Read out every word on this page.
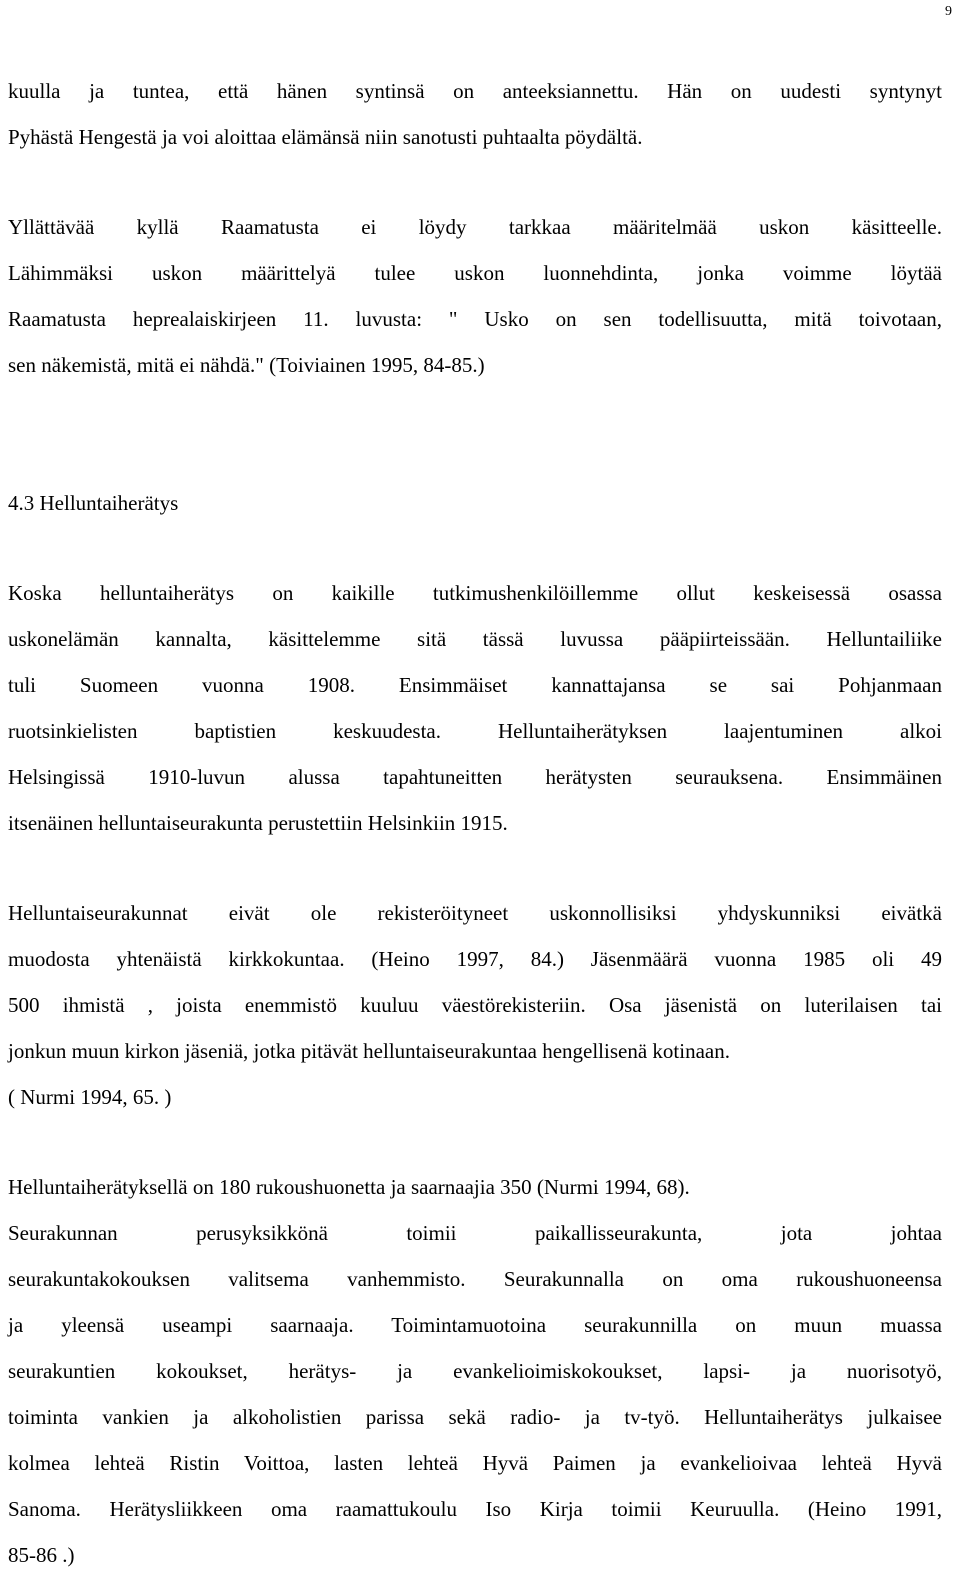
9
kuulla ja tuntea, että hänen syntinsä on anteeksiannettu. Hän on uudesti syntynyt
Pyhästä Hengestä ja voi aloittaa elämänsä niin sanotusti puhtaalta pöydältä.
Yllättävää kyllä Raamatusta ei löydy tarkkaa määritelmää uskon käsitteelle.
Lähimmäksi uskon määrittelyä tulee uskon luonnehdinta, jonka voimme löytää
Raamatusta heprealaiskirjeen 11. luvusta: " Usko on sen todellisuutta, mitä toivotaan,
sen näkemistä, mitä ei nähdä." (Toiviainen 1995, 84-85.)
4.3 Helluntaiherätys
Koska helluntaiherätys on kaikille tutkimushenkilöillemme ollut keskeisessä osassa
uskonelämän kannalta, käsittelemme sitä tässä luvussa pääpiirteissään. Helluntailiike
tuli Suomeen vuonna 1908. Ensimmäiset kannattajansa se sai Pohjanmaan
ruotsinkielisten baptistien keskuudesta. Helluntaiherätyksen laajentuminen alkoi
Helsingissä 1910-luvun alussa tapahtuneitten herätysten seurauksena. Ensimmäinen
itsenäinen helluntaiseurakunta perustettiin Helsinkiin 1915.
Helluntaiseurakunnat eivät ole rekisteröityneet uskonnollisiksi yhdyskunniksi eivätkä
muodosta yhtenäistä kirkkokuntaa. (Heino 1997, 84.) Jäsenmäärä vuonna 1985 oli 49
500 ihmistä , joista enemmistö kuuluu väestörekisteriin. Osa jäsenistä on luterilaisen tai
jonkun muun kirkon jäseniä, jotka pitävät helluntaiseurakuntaa hengellisenä kotinaan.
( Nurmi 1994, 65. )
Helluntaiherätyksellä on 180 rukoushuonetta ja saarnaajia 350 (Nurmi 1994, 68).
Seurakunnan perusyksikkönä toimii paikallisseurakunta, jota johtaa
seurakuntakokouksen valitsema vanhemmisto. Seurakunnalla on oma rukoushuoneensa
ja yleensä useampi saarnaaja. Toimintamuotoina seurakunnilla on muun muassa
seurakuntien kokoukset, herätys- ja evankelioimiskokoukset, lapsi- ja nuorisotyö,
toiminta vankien ja alkoholistien parissa sekä radio- ja tv-työ. Helluntaiherätys julkaisee
kolmea lehteä Ristin Voittoa, lasten lehteä Hyvä Paimen ja evankelioivaa lehteä Hyvä
Sanoma. Herätysliikkeen oma raamattukoulu Iso Kirja toimii Keuruulla. (Heino 1991,
85-86 .)
